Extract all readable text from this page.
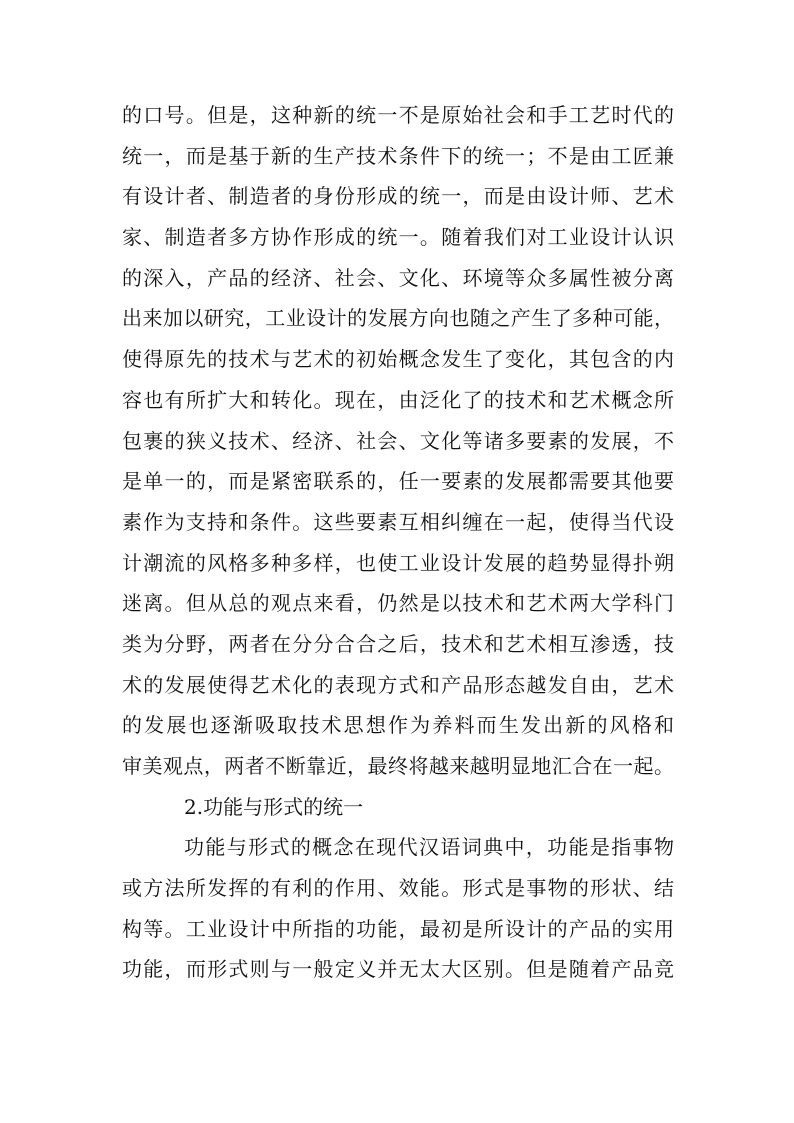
的口号。但是，这种新的统一不是原始社会和手工艺时代的
统一，而是基于新的生产技术条件下的统一；不是由工匠兼
有设计者、制造者的身份形成的统一，而是由设计师、艺术
家、制造者多方协作形成的统一。随着我们对工业设计认识
的深入，产品的经济、社会、文化、环境等众多属性被分离
出来加以研究，工业设计的发展方向也随之产生了多种可能，
使得原先的技术与艺术的初始概念发生了变化，其包含的内
容也有所扩大和转化。现在，由泛化了的技术和艺术概念所
包裹的狭义技术、经济、社会、文化等诸多要素的发展，不
是单一的，而是紧密联系的，任一要素的发展都需要其他要
素作为支持和条件。这些要素互相纠缠在一起，使得当代设
计潮流的风格多种多样，也使工业设计发展的趋势显得扑朔
迷离。但从总的观点来看，仍然是以技术和艺术两大学科门
类为分野，两者在分分合合之后，技术和艺术相互渗透，技
术的发展使得艺术化的表现方式和产品形态越发自由，艺术
的发展也逐渐吸取技术思想作为养料而生发出新的风格和
审美观点，两者不断靠近，最终将越来越明显地汇合在一起。
2.功能与形式的统一
功能与形式的概念在现代汉语词典中，功能是指事物
或方法所发挥的有利的作用、效能。形式是事物的形状、结
构等。工业设计中所指的功能，最初是所设计的产品的实用
功能，而形式则与一般定义并无太大区别。但是随着产品竞
